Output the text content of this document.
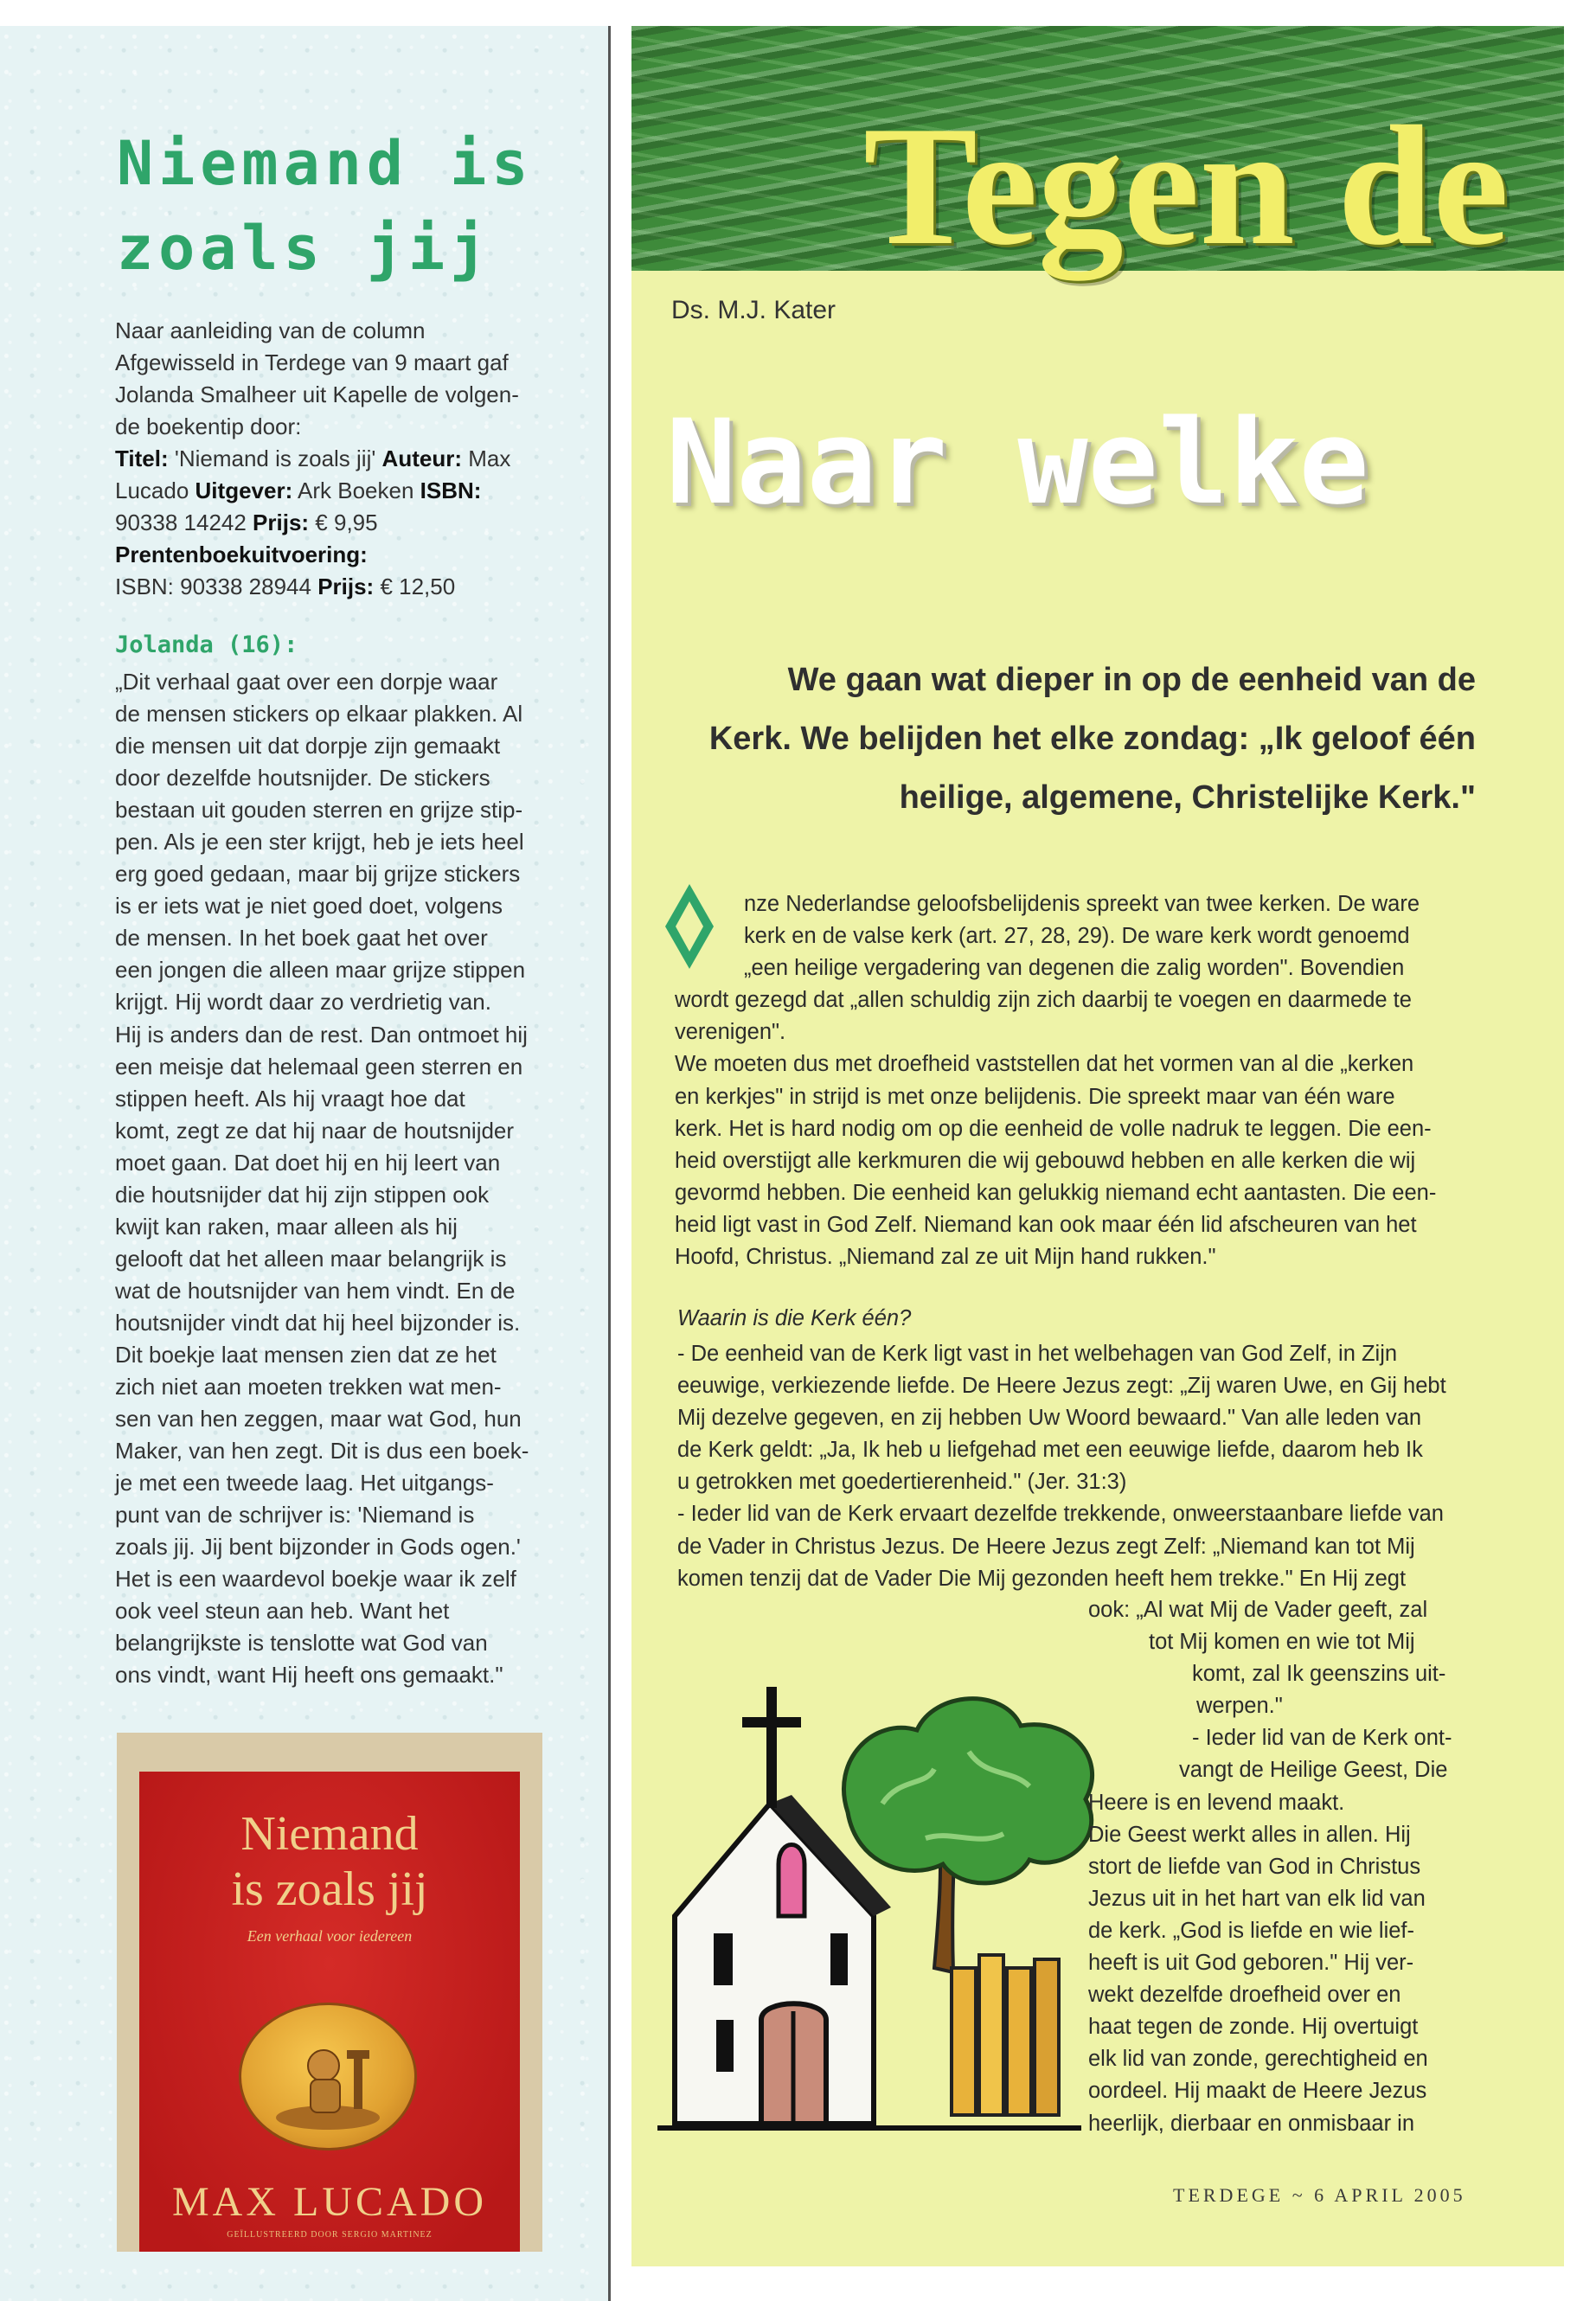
Niemand is
zoals jij

Naar aanleiding van de column
Afgewisseld in Terdege van 9 maart gaf
Jolanda Smalheer uit Kapelle de volgen-
de boekentip door:
Titel: 'Niemand is zoals jij' Auteur: Max
Lucado Uitgever: Ark Boeken ISBN:
90338 14242 Prijs: € 9,95
Prentenboekuitvoering:
ISBN: 90338 28944 Prijs: € 12,50

Jolanda (16):

„Dit verhaal gaat over een dorpje waar
de mensen stickers op elkaar plakken. Al
die mensen uit dat dorpje zijn gemaakt
door dezelfde houtsnijder. De stickers
bestaan uit gouden sterren en grijze stip-
pen. Als je een ster krijgt, heb je iets heel
erg goed gedaan, maar bij grijze stickers
is er iets wat je niet goed doet, volgens
de mensen. In het boek gaat het over
een jongen die alleen maar grijze stippen
krijgt. Hij wordt daar zo verdrietig van.
Hij is anders dan de rest. Dan ontmoet hij
een meisje dat helemaal geen sterren en
stippen heeft. Als hij vraagt hoe dat
komt, zegt ze dat hij naar de houtsnijder
moet gaan. Dat doet hij en hij leert van
die houtsnijder dat hij zijn stippen ook
kwijt kan raken, maar alleen als hij
gelooft dat het alleen maar belangrijk is
wat de houtsnijder van hem vindt. En de
houtsnijder vindt dat hij heel bijzonder is.
Dit boekje laat mensen zien dat ze het
zich niet aan moeten trekken wat men-
sen van hen zeggen, maar wat God, hun
Maker, van hen zegt. Dit is dus een boek-
je met een tweede laag. Het uitgangs-
punt van de schrijver is: 'Niemand is
zoals jij. Jij bent bijzonder in Gods ogen.'
Het is een waardevol boekje waar ik zelf
ook veel steun aan heb. Want het
belangrijkste is tenslotte wat God van
ons vindt, want Hij heeft ons gemaakt."

Niemand
is zoals jij
Een verhaal voor iedereen
MAX LUCADO
GEÏLLUSTREERD DOOR SERGIO MARTINEZ
Tegen de

Ds. M.J. Kater

Naar welke

We gaan wat dieper in op de eenheid van de
Kerk. We belijden het elke zondag: „Ik geloof één
heilige, algemene, Christelijke Kerk."

nze Nederlandse geloofsbelijdenis spreekt van twee kerken. De ware
kerk en de valse kerk (art. 27, 28, 29). De ware kerk wordt genoemd
„een heilige vergadering van degenen die zalig worden". Bovendien
wordt gezegd dat „allen schuldig zijn zich daarbij te voegen en daarmede te
verenigen".
We moeten dus met droefheid vaststellen dat het vormen van al die „kerken
en kerkjes" in strijd is met onze belijdenis. Die spreekt maar van één ware
kerk. Het is hard nodig om op die eenheid de volle nadruk te leggen. Die een-
heid overstijgt alle kerkmuren die wij gebouwd hebben en alle kerken die wij
gevormd hebben. Die eenheid kan gelukkig niemand echt aantasten. Die een-
heid ligt vast in God Zelf. Niemand kan ook maar één lid afscheuren van het
Hoofd, Christus. „Niemand zal ze uit Mijn hand rukken."

Waarin is die Kerk één?

- De eenheid van de Kerk ligt vast in het welbehagen van God Zelf, in Zijn
eeuwige, verkiezende liefde. De Heere Jezus zegt: „Zij waren Uwe, en Gij hebt
Mij dezelve gegeven, en zij hebben Uw Woord bewaard." Van alle leden van
de Kerk geldt: „Ja, Ik heb u liefgehad met een eeuwige liefde, daarom heb Ik
u getrokken met goedertierenheid." (Jer. 31:3)
- Ieder lid van de Kerk ervaart dezelfde trekkende, onweerstaanbare liefde van
de Vader in Christus Jezus. De Heere Jezus zegt Zelf: „Niemand kan tot Mij
komen tenzij dat de Vader Die Mij gezonden heeft hem trekke." En Hij zegt

ook: „Al wat Mij de Vader geeft, zal
tot Mij komen en wie tot Mij
komt, zal Ik geenszins uit-
werpen."
- Ieder lid van de Kerk ont-
vangt de Heilige Geest, Die
Heere is en levend maakt.
Die Geest werkt alles in allen. Hij
stort de liefde van God in Christus
Jezus uit in het hart van elk lid van
de kerk. „God is liefde en wie lief-
heeft is uit God geboren." Hij ver-
wekt dezelfde droefheid over en
haat tegen de zonde. Hij overtuigt
elk lid van zonde, gerechtigheid en
oordeel. Hij maakt de Heere Jezus
heerlijk, dierbaar en onmisbaar in

TERDEGE ~ 6 APRIL 2005
